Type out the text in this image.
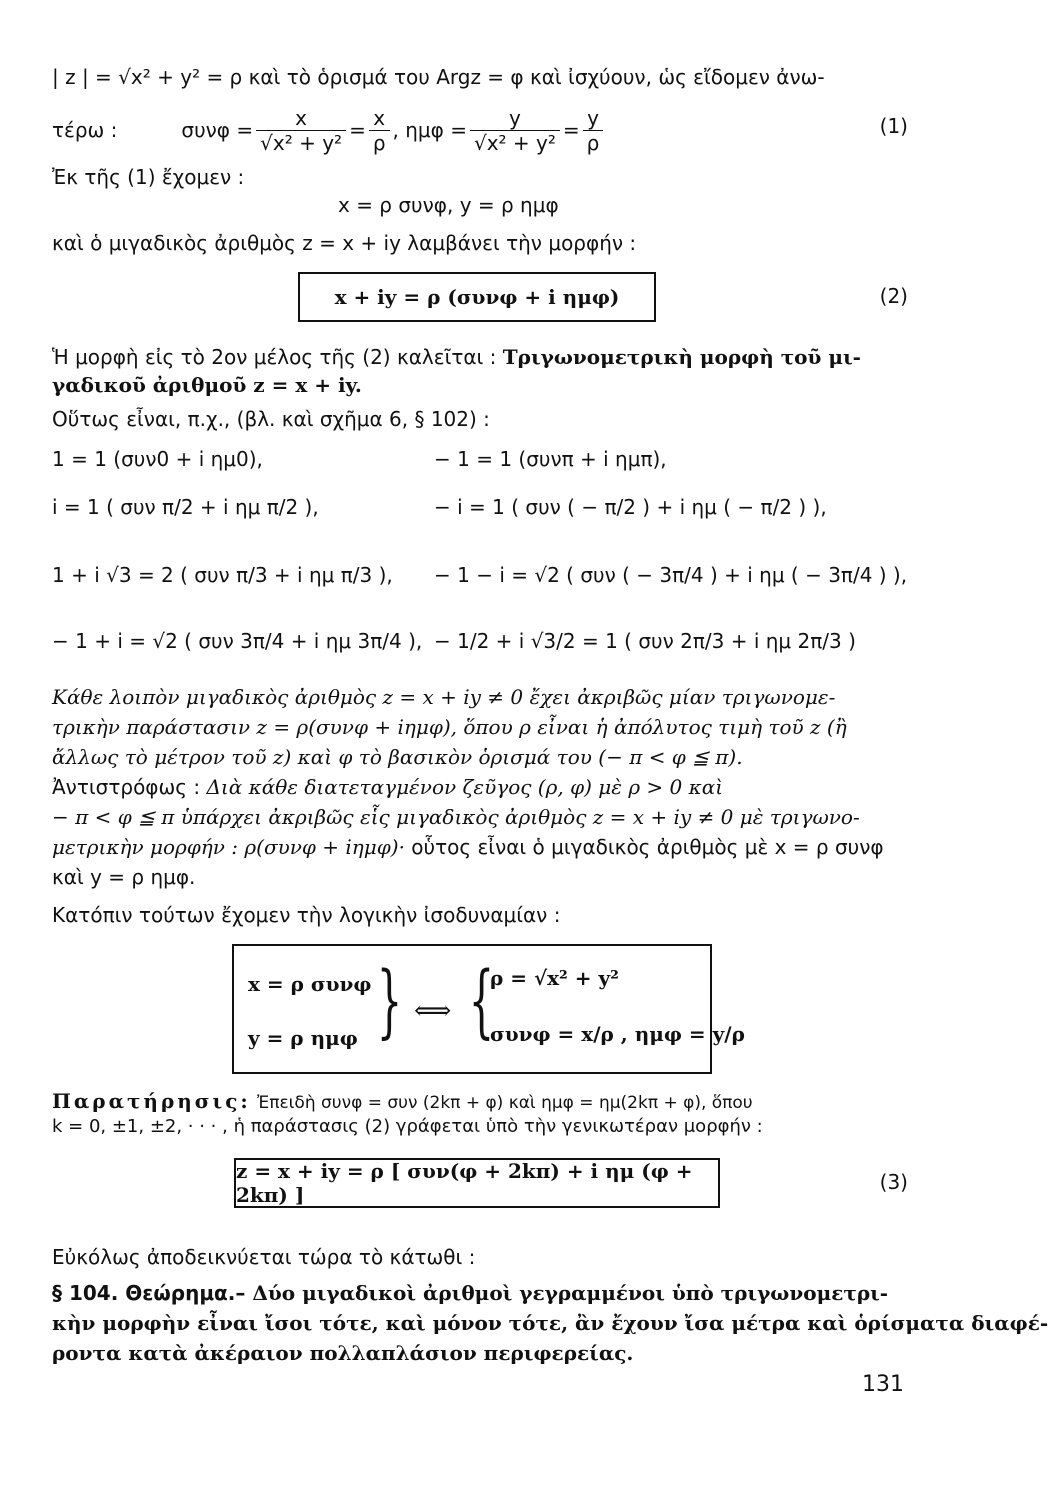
| z | = √x² + y² = ρ καὶ τὸ ὁρισμά του Argz = φ καὶ ἰσχύουν, ὡς εἴδομεν ἀνω-
τέρω :	$\sigma\upsilon\nu\varphi = \frac{x}{\text{√x² + y²}} = \frac{x}{\rho}$ , $\eta\mu\varphi = \frac{y}{\text{√x² + y²}} = \frac{y}{\rho}$	(1)
Ἐκ τῆς (1) ἔχομεν :
x = ρ συνφ, y = ρ ημφ
καὶ ὁ μιγαδικὸς ἀριθμὸς z = x + iy λαμβάνει τὴν μορφήν :
x + iy = ρ (συνφ + i ημφ)	(2)
Ἡ μορφὴ εἰς τὸ 2ον μέλος τῆς (2) καλεῖται : Τριγωνομετρικὴ μορφὴ τοῦ μι-
γαδικοῦ ἀριθμοῦ z = x + iy.
Οὕτως εἶναι, π.χ., (βλ. καὶ σχῆμα 6, § 102) :
1 = 1 (συν0 + i ημ0),	− 1 = 1 (συνπ + i ημπ),
i = 1 ( συν π/2 + i ημ π/2 ),	− i = 1 ( συν ( − π/2 ) + i ημ ( − π/2 ) ),
1 + i √3 = 2 ( συν π/3 + i ημ π/3 ), − 1 − i = √2 ( συν ( − 3π/4 ) + i ημ ( − 3π/4 ) ),
− 1 + i = √2 ( συν 3π/4 + i ημ 3π/4 ), − 1/2 + i √3/2 = 1 ( συν 2π/3 + i ημ 2π/3 )
Κάθε λοιπὸν μιγαδικὸς ἀριθμὸς z = x + iy ≠ 0 ἔχει ἀκριβῶς μίαν τριγωνομε-
τρικὴν παράστασιν z = ρ(συνφ + iημφ), ὅπου ρ εἶναι ἡ ἀπόλυτος τιμὴ τοῦ z (ἢ
ἄλλως τὸ μέτρον τοῦ z) καὶ φ τὸ βασικὸν ὁρισμά του (− π < φ ≦ π).
Ἀντιστρόφως : Διὰ κάθε διατεταγμένον ζεῦγος (ρ, φ) μὲ ρ > 0 καὶ
− π < φ ≦ π ὑπάρχει ἀκριβῶς εἷς μιγαδικὸς ἀριθμὸς z = x + iy ≠ 0 μὲ τριγωνο-
μετρικὴν μορφήν : ρ(συνφ + iημφ)· οὗτος εἶναι ὁ μιγαδικὸς ἀριθμὸς μὲ x = ρ συνφ
καὶ y = ρ ημφ.
Κατόπιν τούτων ἔχομεν τὴν λογικὴν ἰσοδυναμίαν :
x = ρ συνφ
y = ρ ημφ } ⟺ {
ρ = √x² + y²
συνφ = x/ρ , ημφ = y/ρ
Παρατήρησις: Ἐπειδὴ συνφ = συν (2kπ + φ) καὶ ημφ = ημ(2kπ + φ), ὅπου
k = 0, ±1, ±2, · · · , ἡ παράστασις (2) γράφεται ὑπὸ τὴν γενικωτέραν μορφήν :
z = x + iy = ρ [ συν(φ + 2kπ) + i ημ (φ + 2kπ) ]
(3)
Εὐκόλως ἀποδεικνύεται τώρα τὸ κάτωθι :
§ 104. Θεώρημα.– Δύο μιγαδικοὶ ἀριθμοὶ γεγραμμένοι ὑπὸ τριγωνομετρι-
κὴν μορφὴν εἶναι ἴσοι τότε, καὶ μόνον τότε, ἂν ἔχουν ἴσα μέτρα καὶ ὁρίσματα διαφέ-
ροντα κατὰ ἀκέραιον πολλαπλάσιον περιφερείας.
131
